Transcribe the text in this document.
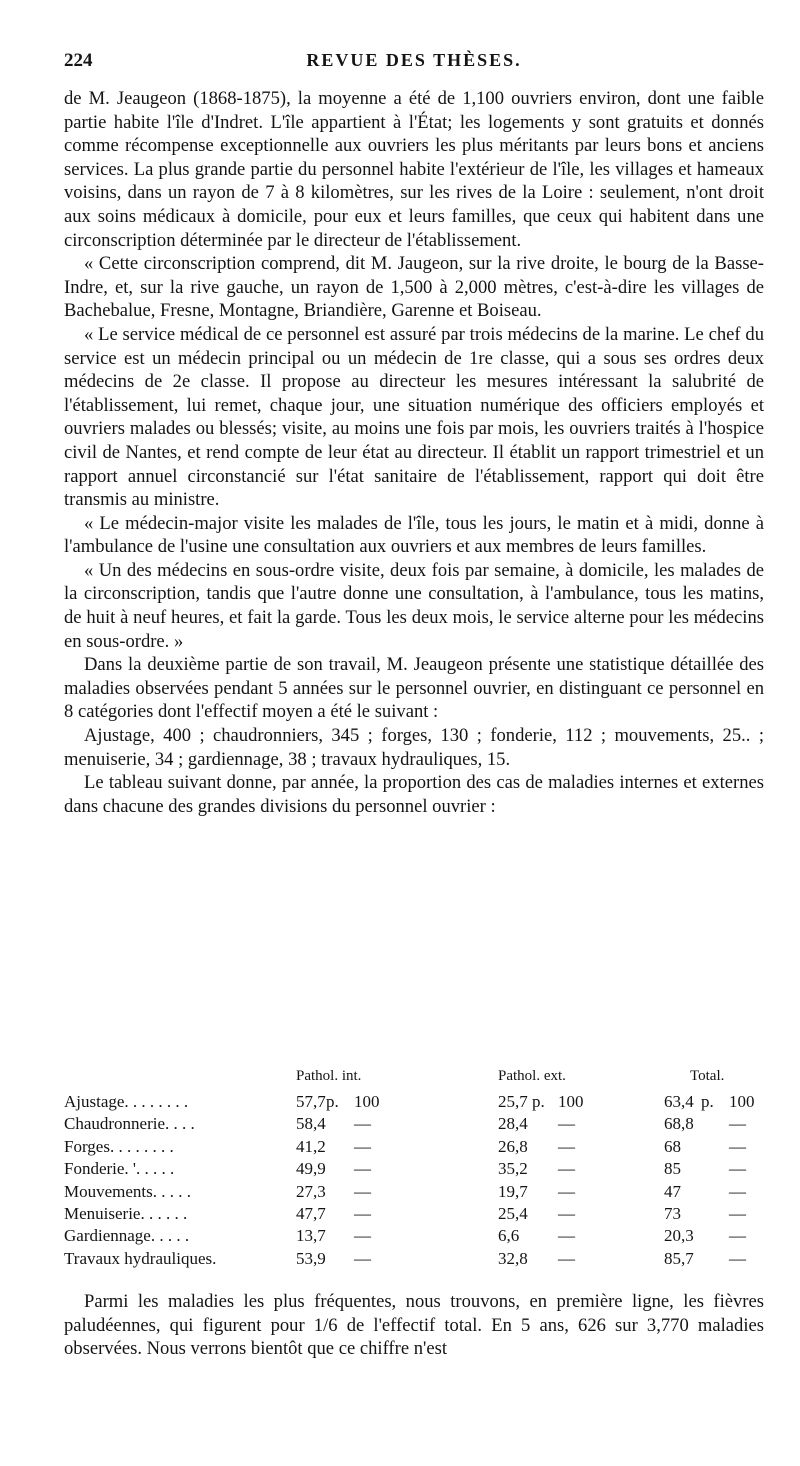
224	REVUE DES THÈSES.

de M. Jeaugeon (1868-1875), la moyenne a été de 1,100 ouvriers environ, dont une faible partie habite l'île d'Indret. L'île appartient à l'État; les logements y sont gratuits et donnés comme récompense exceptionnelle aux ouvriers les plus méritants par leurs bons et anciens services. La plus grande partie du personnel habite l'extérieur de l'île, les villages et hameaux voisins, dans un rayon de 7 à 8 kilomètres, sur les rives de la Loire : seulement, n'ont droit aux soins médicaux à domicile, pour eux et leurs familles, que ceux qui habitent dans une circonscription déterminée par le directeur de l'établissement.

« Cette circonscription comprend, dit M. Jaugeon, sur la rive droite, le bourg de la Basse-Indre, et, sur la rive gauche, un rayon de 1,500 à 2,000 mètres, c'est-à-dire les villages de Bachebalue, Fresne, Montagne, Briandière, Garenne et Boiseau.

« Le service médical de ce personnel est assuré par trois médecins de la marine. Le chef du service est un médecin principal ou un médecin de 1re classe, qui a sous ses ordres deux médecins de 2e classe. Il propose au directeur les mesures intéressant la salubrité de l'établissement, lui remet, chaque jour, une situation numérique des officiers employés et ouvriers malades ou blessés; visite, au moins une fois par mois, les ouvriers traités à l'hospice civil de Nantes, et rend compte de leur état au directeur. Il établit un rapport trimestriel et un rapport annuel circonstancié sur l'état sanitaire de l'établissement, rapport qui doit être transmis au ministre.

« Le médecin-major visite les malades de l'île, tous les jours, le matin et à midi, donne à l'ambulance de l'usine une consultation aux ouvriers et aux membres de leurs familles.

« Un des médecins en sous-ordre visite, deux fois par semaine, à domicile, les malades de la circonscription, tandis que l'autre donne une consultation, à l'ambulance, tous les matins, de huit à neuf heures, et fait la garde. Tous les deux mois, le service alterne pour les médecins en sous-ordre. »

Dans la deuxième partie de son travail, M. Jeaugeon présente une statistique détaillée des maladies observées pendant 5 années sur le personnel ouvrier, en distinguant ce personnel en 8 catégories dont l'effectif moyen a été le suivant :

Ajustage, 400 ; chaudronniers, 345 ; forges, 130 ; fonderie, 112 ; mouvements, 25.. ; menuiserie, 34 ; gardiennage, 38 ; travaux hydrauliques, 15.

Le tableau suivant donne, par année, la proportion des cas de maladies internes et externes dans chacune des grandes divisions du personnel ouvrier :

Pathol. int.	Pathol. ext.	Total.
Ajustage. . . . . . . .	57,7 p. 100	25,7 p. 100	63,4 p. 100
Chaudronnerie. . . .	58,4 —	28,4 —	68,8 —
Forges. . . . . . . .	41,2 —	26,8 —	68	—
Fonderie. '. . . . .	49,9 —	35,2 —	85	—
Mouvements. . . . .	27,3 —	19,7 —	47	—
Menuiserie. . . . . .	47,7 —	25,4 —	73	—
Gardiennage. . . . .	13,7 —	6,6 —	20,3 —
Travaux hydrauliques.	53,9 —	32,8 —	85,7 —

Parmi les maladies les plus fréquentes, nous trouvons, en première ligne, les fièvres paludéennes, qui figurent pour 1/6 de l'effectif total. En 5 ans, 626 sur 3,770 maladies observées. Nous verrons bientôt que ce chiffre n'est
